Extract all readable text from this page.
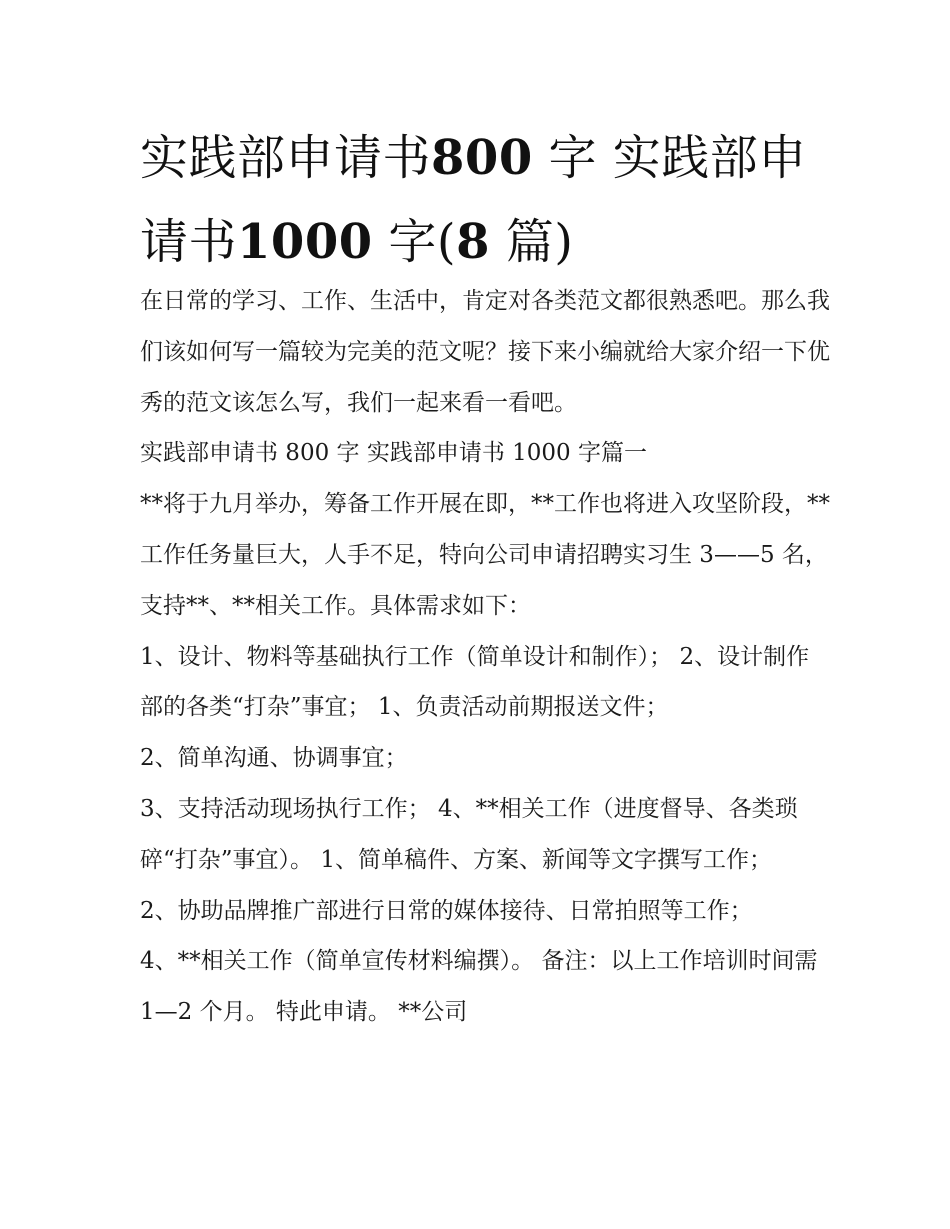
实践部申请书800 字 实践部申请书1000 字(8 篇)

在日常的学习、工作、生活中，肯定对各类范文都很熟悉吧。那么我们该如何写一篇较为完美的范文呢？接下来小编就给大家介绍一下优秀的范文该怎么写，我们一起来看一看吧。

实践部申请书 800 字 实践部申请书 1000 字篇一

**将于九月举办，筹备工作开展在即，**工作也将进入攻坚阶段，**工作任务量巨大，人手不足，特向公司申请招聘实习生 3——5 名，支持**、**相关工作。具体需求如下：

1、设计、物料等基础执行工作（简单设计和制作）； 2、设计制作部的各类“打杂”事宜； 1、负责活动前期报送文件；

2、简单沟通、协调事宜；

3、支持活动现场执行工作； 4、**相关工作（进度督导、各类琐碎“打杂”事宜）。 1、简单稿件、方案、新闻等文字撰写工作；

2、协助品牌推广部进行日常的媒体接待、日常拍照等工作；

4、**相关工作（简单宣传材料编撰）。 备注：以上工作培训时间需 1—2 个月。 特此申请。 **公司
